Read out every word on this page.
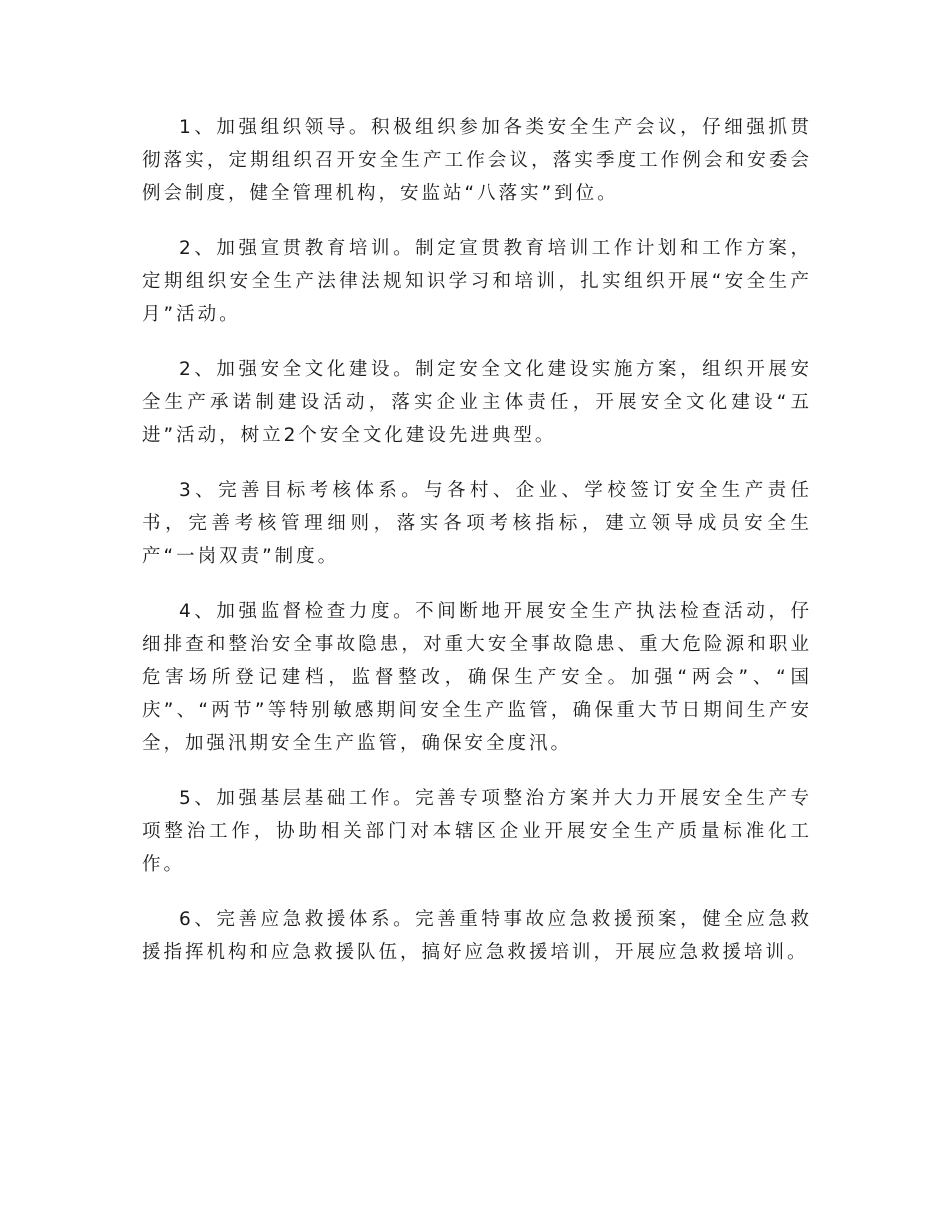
1、加强组织领导。积极组织参加各类安全生产会议，仔细强抓贯彻落实，定期组织召开安全生产工作会议，落实季度工作例会和安委会例会制度，健全管理机构，安监站“八落实”到位。

2、加强宣贯教育培训。制定宣贯教育培训工作计划和工作方案，定期组织安全生产法律法规知识学习和培训，扎实组织开展“安全生产月”活动。

2、加强安全文化建设。制定安全文化建设实施方案，组织开展安全生产承诺制建设活动，落实企业主体责任，开展安全文化建设“五进”活动，树立2个安全文化建设先进典型。

3、完善目标考核体系。与各村、企业、学校签订安全生产责任书，完善考核管理细则，落实各项考核指标，建立领导成员安全生产“一岗双责”制度。

4、加强监督检查力度。不间断地开展安全生产执法检查活动，仔细排查和整治安全事故隐患，对重大安全事故隐患、重大危险源和职业危害场所登记建档，监督整改，确保生产安全。加强“两会”、“国庆”、“两节”等特别敏感期间安全生产监管，确保重大节日期间生产安全，加强汛期安全生产监管，确保安全度汛。

5、加强基层基础工作。完善专项整治方案并大力开展安全生产专项整治工作，协助相关部门对本辖区企业开展安全生产质量标准化工作。

6、完善应急救援体系。完善重特事故应急救援预案，健全应急救援指挥机构和应急救援队伍，搞好应急救援培训，开展应急救援培训。
